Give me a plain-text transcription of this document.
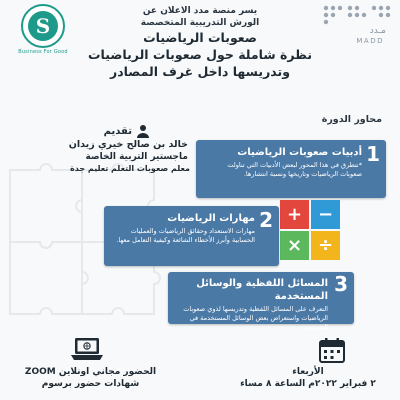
S
Business For Good
مـدد
MADD
يسر منصة مدد الاعلان عن
الورش التدريبية المتخصصة
صعوبات الرياضيات
نظرة شاملة حول صعوبات الرياضيات
وتدريسها داخل غرف المصادر
محاور الدورة
تقديم
خالد بن صالح خيري زيدان
ماجستير التربية الخاصة
معلم صعوبات التعلم تعليم جدة
1
أدبيات صعوبات الرياضيات
*نتطرق في هذا المحور لبعض الأدبيات التي تناولت صعوبات الرياضيات وتاريخها ونسبة انتشارها.
+ −
× ÷
2
مهارات الرياضيات
مهارات الاستعداد وحقائق الرياضيات والعمليات الحسابية وأبرز الأخطاء الشائعة وكيفية التعامل معها.
3
المسائل اللفظية والوسائل المستخدمة
التعرف على المسائل اللفظية وتدريسها لذوي صعوبات الرياضيات واستعراض بعض الوسائل المستخدمة في التدريس.
الحضور مجاني اونلاين ZOOM
شهادات حضور برسوم
الأربعاء
٢ فبراير ٢٠٢٢م الساعة ٨ مساء
